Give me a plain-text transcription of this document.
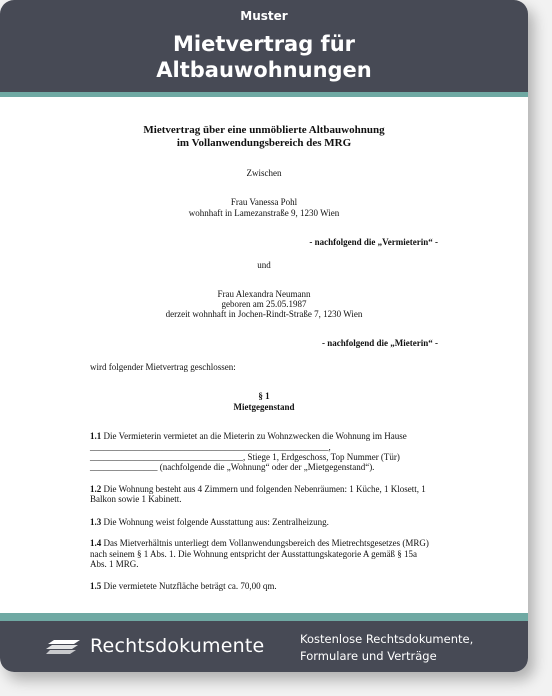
Muster
Mietvertrag für
Altbauwohnungen
Mietvertrag über eine unmöblierte Altbauwohnung
im Vollanwendungsbereich des MRG
Zwischen
Frau Vanessa Pohl
wohnhaft in Lamezanstraße 9, 1230 Wien
- nachfolgend die „Vermieterin“ -
und
Frau Alexandra Neumann
geboren am 25.05.1987
derzeit wohnhaft in Jochen-Rindt-Straße 7, 1230 Wien
- nachfolgend die „Mieterin“ -
wird folgender Mietvertrag geschlossen:
§ 1
Mietgegenstand
1.1 Die Vermieterin vermietet an die Mieterin zu Wohnzwecken die Wohnung im Hause
_____________________________________________________,
__________________________________, Stiege 1, Erdgeschoss, Top Nummer (Tür)
_______________ (nachfolgende die „Wohnung“ oder der „Mietgegenstand“).
1.2 Die Wohnung besteht aus 4 Zimmern und folgenden Nebenräumen: 1 Küche, 1 Klosett, 1
Balkon sowie 1 Kabinett.
1.3 Die Wohnung weist folgende Ausstattung aus: Zentralheizung.
1.4 Das Mietverhältnis unterliegt dem Vollanwendungsbereich des Mietrechtsgesetzes (MRG)
nach seinem § 1 Abs. 1. Die Wohnung entspricht der Ausstattungskategorie A gemäß § 15a
Abs. 1 MRG.
1.5 Die vermietete Nutzfläche beträgt ca. 70,00 qm.
Rechtsdokumente	Kostenlose Rechtsdokumente,
Formulare und Verträge
